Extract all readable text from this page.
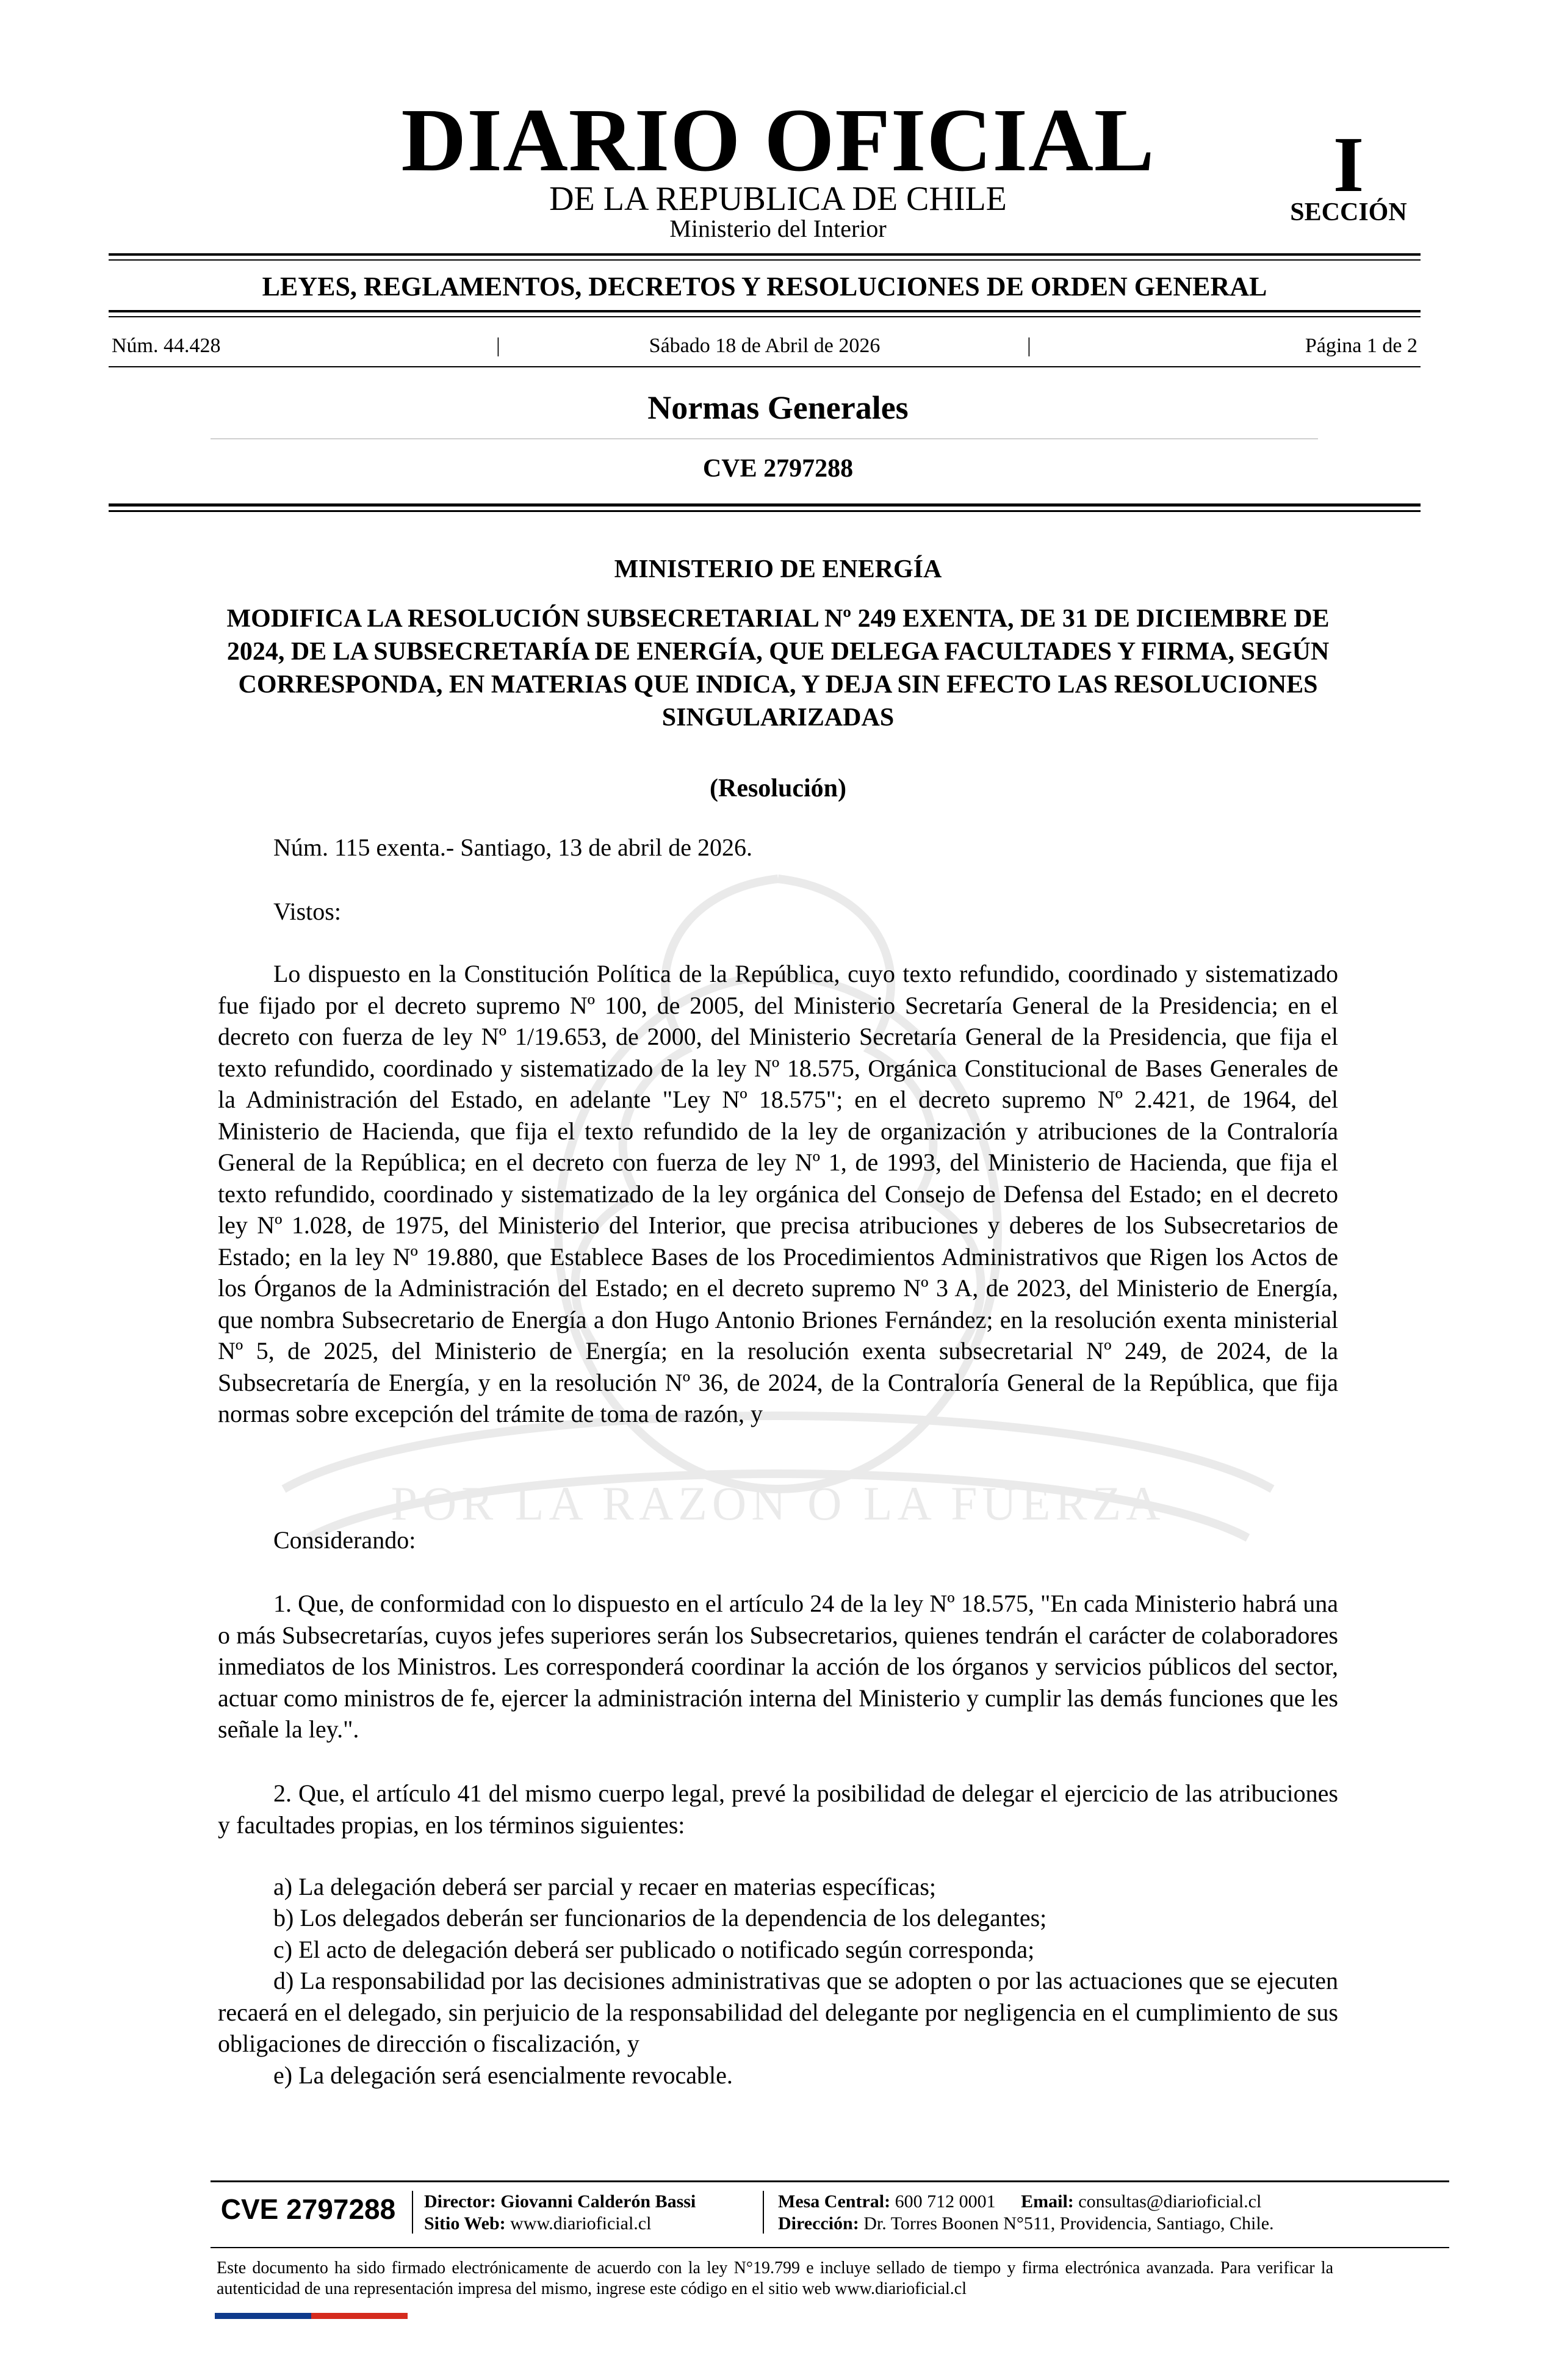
POR LA RAZON O LA FUERZA
DIARIO OFICIAL
DE LA REPUBLICA DE CHILE
Ministerio del Interior
I
SECCIÓN
LEYES, REGLAMENTOS, DECRETOS Y RESOLUCIONES DE ORDEN GENERAL
Núm. 44.428	|	Sábado 18 de Abril de 2026	|	Página 1 de 2
Normas Generales
CVE 2797288
MINISTERIO DE ENERGÍA
MODIFICA LA RESOLUCIÓN SUBSECRETARIAL Nº 249 EXENTA, DE 31 DE DICIEMBRE DE 2024, DE LA SUBSECRETARÍA DE ENERGÍA, QUE DELEGA FACULTADES Y FIRMA, SEGÚN CORRESPONDA, EN MATERIAS QUE INDICA, Y DEJA SIN EFECTO LAS RESOLUCIONES SINGULARIZADAS
(Resolución)
Núm. 115 exenta.- Santiago, 13 de abril de 2026.
Vistos:
Lo dispuesto en la Constitución Política de la República, cuyo texto refundido, coordinado y sistematizado fue fijado por el decreto supremo Nº 100, de 2005, del Ministerio Secretaría General de la Presidencia; en el decreto con fuerza de ley Nº 1/19.653, de 2000, del Ministerio Secretaría General de la Presidencia, que fija el texto refundido, coordinado y sistematizado de la ley Nº 18.575, Orgánica Constitucional de Bases Generales de la Administración del Estado, en adelante "Ley Nº 18.575"; en el decreto supremo Nº 2.421, de 1964, del Ministerio de Hacienda, que fija el texto refundido de la ley de organización y atribuciones de la Contraloría General de la República; en el decreto con fuerza de ley Nº 1, de 1993, del Ministerio de Hacienda, que fija el texto refundido, coordinado y sistematizado de la ley orgánica del Consejo de Defensa del Estado; en el decreto ley Nº 1.028, de 1975, del Ministerio del Interior, que precisa atribuciones y deberes de los Subsecretarios de Estado; en la ley Nº 19.880, que Establece Bases de los Procedimientos Administrativos que Rigen los Actos de los Órganos de la Administración del Estado; en el decreto supremo Nº 3 A, de 2023, del Ministerio de Energía, que nombra Subsecretario de Energía a don Hugo Antonio Briones Fernández; en la resolución exenta ministerial Nº 5, de 2025, del Ministerio de Energía; en la resolución exenta subsecretarial Nº 249, de 2024, de la Subsecretaría de Energía, y en la resolución Nº 36, de 2024, de la Contraloría General de la República, que fija normas sobre excepción del trámite de toma de razón, y
Considerando:
1. Que, de conformidad con lo dispuesto en el artículo 24 de la ley Nº 18.575, "En cada Ministerio habrá una o más Subsecretarías, cuyos jefes superiores serán los Subsecretarios, quienes tendrán el carácter de colaboradores inmediatos de los Ministros. Les corresponderá coordinar la acción de los órganos y servicios públicos del sector, actuar como ministros de fe, ejercer la administración interna del Ministerio y cumplir las demás funciones que les señale la ley.".
2. Que, el artículo 41 del mismo cuerpo legal, prevé la posibilidad de delegar el ejercicio de las atribuciones y facultades propias, en los términos siguientes:
a) La delegación deberá ser parcial y recaer en materias específicas;
b) Los delegados deberán ser funcionarios de la dependencia de los delegantes;
c) El acto de delegación deberá ser publicado o notificado según corresponda;
d) La responsabilidad por las decisiones administrativas que se adopten o por las actuaciones que se ejecuten recaerá en el delegado, sin perjuicio de la responsabilidad del delegante por negligencia en el cumplimiento de sus obligaciones de dirección o fiscalización, y
e) La delegación será esencialmente revocable.
CVE 2797288	Director: Giovanni Calderón Bassi
Sitio Web: www.diarioficial.cl
Mesa Central: 600 712 0001 Email: consultas@diarioficial.cl
Dirección: Dr. Torres Boonen N°511, Providencia, Santiago, Chile.
Este documento ha sido firmado electrónicamente de acuerdo con la ley N°19.799 e incluye sellado de tiempo y firma electrónica avanzada. Para verificar la autenticidad de una representación impresa del mismo, ingrese este código en el sitio web www.diarioficial.cl
